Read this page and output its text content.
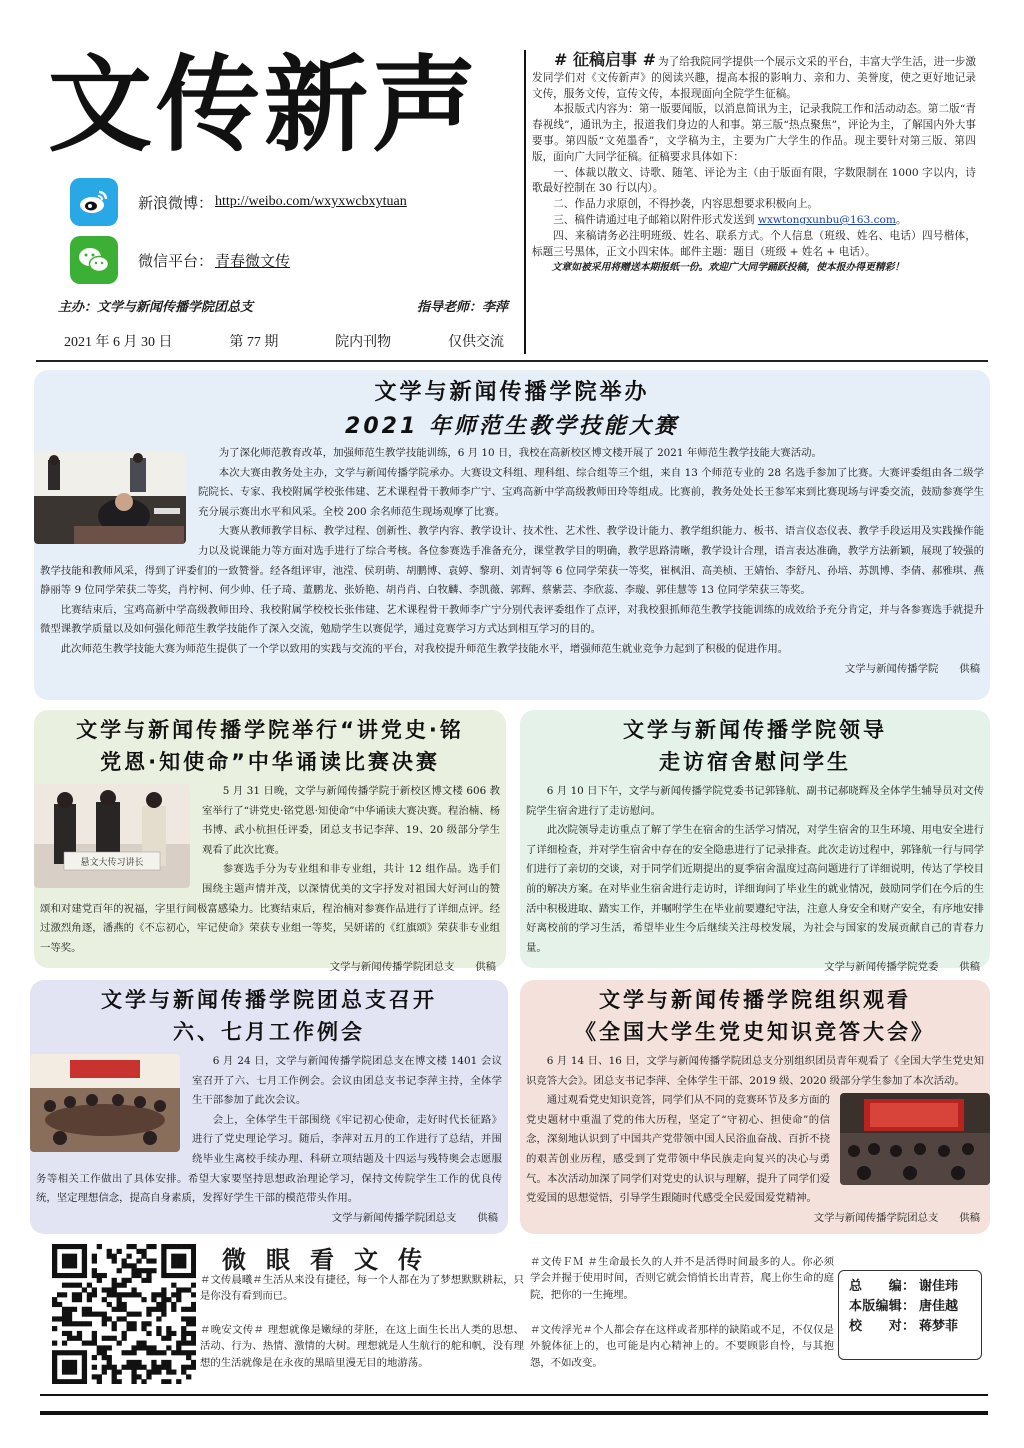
文传新声
新浪微博： http://weibo.com/wxyxwcbxytuan
微信平台： 青春微文传
主办：文学与新闻传播学院团总支	指导老师：李萍
2021 年 6 月 30 日	第 77 期	院内刊物	仅供交流

# 征稿启事 # 为了给我院同学提供一个展示文采的平台，丰富大学生活，进一步激发同学们对《文传新声》的阅读兴趣，提高本报的影响力、亲和力、美誉度，使之更好地记录文传，服务文传，宣传文传，本报现面向全院学生征稿。

本报版式内容为：第一版要闻版，以消息简讯为主，记录我院工作和活动动态。第二版“青春视线”，通讯为主，报道我们身边的人和事。第三版“热点聚焦”，评论为主，了解国内外大事要事。第四版“文苑墨香”，文学稿为主，主要为广大学生的作品。现主要针对第三版、第四版，面向广大同学征稿。征稿要求具体如下：

一、体裁以散文、诗歌、随笔、评论为主（由于版面有限，字数限制在 1000 字以内，诗歌最好控制在 30 行以内）。

二、作品力求原创，不得抄袭，内容思想要求积极向上。

三、稿件请通过电子邮箱以附件形式发送到 wxwtongxunbu@163.com。

四、来稿请务必注明班级、姓名、联系方式。个人信息（班级、姓名、电话）四号楷体，标题三号黑体，正文小四宋体。邮件主题：题目（班级 + 姓名 + 电话）。

文章如被采用将赠送本期报纸一份。欢迎广大同学踊跃投稿，使本报办得更精彩！

文学与新闻传播学院举办
2021 年师范生教学技能大赛

为了深化师范教育改革，加强师范生教学技能训练，6 月 10 日，我校在高新校区博文楼开展了 2021 年师范生教学技能大赛活动。

本次大赛由教务处主办，文学与新闻传播学院承办。大赛设文科组、理科组、综合组等三个组，来自 13 个师范专业的 28 名选手参加了比赛。大赛评委组由各二级学院院长、专家、我校附属学校张伟建、艺术课程骨干教师李广宁、宝鸡高新中学高级教师田玲等组成。比赛前，教务处处长王参军来到比赛现场与评委交流，鼓励参赛学生充分展示赛出水平和风采。全校 200 余名师范生现场观摩了比赛。

大赛从教师教学目标、教学过程、创新性、教学内容、教学设计、技术性、艺术性、教学设计能力、教学组织能力、板书、语言仪态仪表、教学手段运用及实践操作能力以及说课能力等方面对选手进行了综合考核。各位参赛选手准备充分，课堂教学目的明确，教学思路清晰，教学设计合理，语言表达准确，教学方法新颖，展现了较强的教学技能和教师风采，得到了评委们的一致赞誉。经各组评审，池滢、侯玥萌、胡鹏博、袁婷、黎玥、刘青轲等 6 位同学荣获一等奖，崔枫泪、高美桢、王婧怡、李舒凡、孙培、苏凯博、李倩、郝雅琪、燕静丽等 9 位同学荣获二等奖，肖柠柯、何少帅、任子琦、董鹏龙、张娇艳、胡肖肖、白牧麟、李凯薇、郭辉、蔡紫芸、李欣蕊、李璇、郭佳慧等 13 位同学荣获三等奖。

比赛结束后，宝鸡高新中学高级教师田玲、我校附属学校校长张伟建、艺术课程骨干教师李广宁分别代表评委组作了点评，对我校狠抓师范生教学技能训练的成效给予充分肯定，并与各参赛选手就提升微型课教学质量以及如何强化师范生教学技能作了深入交流，勉励学生以赛促学，通过竞赛学习方式达到相互学习的目的。

此次师范生教学技能大赛为师范生提供了一个学以致用的实践与交流的平台，对我校提升师范生教学技能水平，增强师范生就业竞争力起到了积极的促进作用。

文学与新闻传播学院　　供稿

文学与新闻传播学院举行“讲党史·铭
党恩·知使命”中华诵读比赛决赛
悬文大传习讲长

5 月 31 日晚，文学与新闻传播学院于新校区博文楼 606 教室举行了“讲党史·铭党恩·知使命”中华诵读大赛决赛。程治楠、杨书博、武小杭担任评委，团总支书记李萍、19、20 级部分学生观看了此次比赛。

参赛选手分为专业组和非专业组，共计 12 组作品。选手们围绕主题声情并茂，以深情优美的文字抒发对祖国大好河山的赞颂和对建党百年的祝福，字里行间极富感染力。比赛结束后，程治楠对参赛作品进行了详细点评。经过激烈角逐，潘燕的《不忘初心，牢记使命》荣获专业组一等奖，吴妍诺的《红旗颂》荣获非专业组一等奖。

文学与新闻传播学院团总支　　供稿

文学与新闻传播学院领导
走访宿舍慰问学生

6 月 10 日下午，文学与新闻传播学院党委书记郭锋航、副书记郝晓辉及全体学生辅导员对文传院学生宿舍进行了走访慰问。

此次院领导走访重点了解了学生在宿舍的生活学习情况，对学生宿舍的卫生环境、用电安全进行了详细检查，并对学生宿舍中存在的安全隐患进行了记录排查。此次走访过程中，郭锋航一行与同学们进行了亲切的交谈，对于同学们近期提出的夏季宿舍温度过高问题进行了详细说明，传达了学校目前的解决方案。在对毕业生宿舍进行走访时，详细询问了毕业生的就业情况，鼓励同学们在今后的生活中积极进取、踏实工作，并嘱咐学生在毕业前要遵纪守法，注意人身安全和财产安全，有序地安排好离校前的学习生活，希望毕业生今后继续关注母校发展，为社会与国家的发展贡献自己的青春力量。

文学与新闻传播学院党委　　供稿

文学与新闻传播学院团总支召开
六、七月工作例会

6 月 24 日，文学与新闻传播学院团总支在博文楼 1401 会议室召开了六、七月工作例会。会议由团总支书记李萍主持，全体学生干部参加了此次会议。

会上，全体学生干部围绕《牢记初心使命，走好时代长征路》进行了党史理论学习。随后，李萍对五月的工作进行了总结，并围绕毕业生离校手续办理、科研立项结题及十四运与残特奥会志愿服务等相关工作做出了具体安排。希望大家要坚持思想政治理论学习，保持文传院学生工作的优良传统，坚定理想信念，提高自身素质，发挥好学生干部的模范带头作用。

文学与新闻传播学院团总支　　供稿

文学与新闻传播学院组织观看
《全国大学生党史知识竞答大会》

6 月 14 日、16 日，文学与新闻传播学院团总支分别组织团员青年观看了《全国大学生党史知识竞答大会》。团总支书记李萍、全体学生干部、2019 级、2020 级部分学生参加了本次活动。

通过观看党史知识竞答，同学们从不同的竞赛环节及多方面的党史题材中重温了党的伟大历程，坚定了“守初心、担使命”的信念，深刻地认识到了中国共产党带领中国人民浴血奋战、百折不挠的艰苦创业历程，感受到了党带领中华民族走向复兴的决心与勇气。本次活动加深了同学们对党史的认识与理解，提升了同学们爱党爱国的思想觉悟，引导学生跟随时代感受全民爱国爱党精神。

文学与新闻传播学院团总支　　供稿

微眼看文传
＃文传晨曦＃生活从来没有捷径，每一个人都在为了梦想默默耕耘，只是你没有看到而已。
＃晚安文传＃ 理想就像是嫩绿的芽胚，在这上面生长出人类的思想、活动、行为、热情、激情的大树。理想就是人生航行的舵和帆，没有理想的生活就像是在永夜的黑暗里漫无目的地游荡。
＃文传ＦＭ ＃生命最长久的人并不是活得时间最多的人。你必须学会并握于使用时间，否则它就会悄悄长出青苔，爬上你生命的庭院，把你的一生掩埋。
＃文传浮光＃个人都会存在这样或者那样的缺陷或不足，不仅仅是外貌体征上的，也可能是内心精神上的。不要顾影自怜，与其抱怨，不如改变。
总　　编： 谢佳玮
本版编辑： 唐佳越
校　　对： 蒋梦菲
